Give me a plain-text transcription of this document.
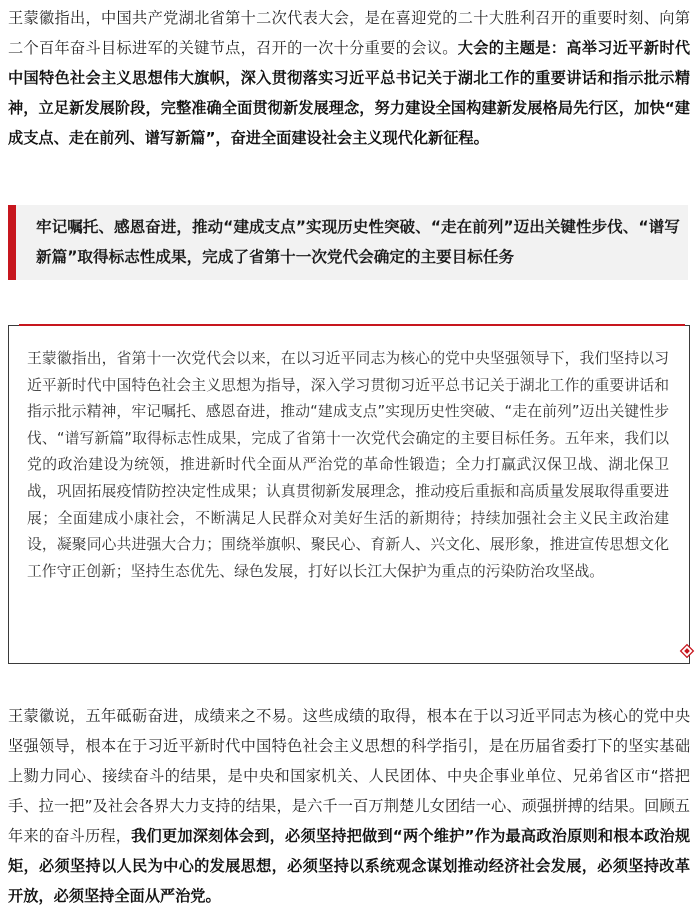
王蒙徽指出，中国共产党湖北省第十二次代表大会，是在喜迎党的二十大胜利召开的重要时刻、向第二个百年奋斗目标进军的关键节点，召开的一次十分重要的会议。大会的主题是：高举习近平新时代中国特色社会主义思想伟大旗帜，深入贯彻落实习近平总书记关于湖北工作的重要讲话和指示批示精神，立足新发展阶段，完整准确全面贯彻新发展理念，努力建设全国构建新发展格局先行区，加快“建成支点、走在前列、谱写新篇”，奋进全面建设社会主义现代化新征程。

牢记嘱托、感恩奋进，推动“建成支点”实现历史性突破、“走在前列”迈出关键性步伐、“谱写新篇”取得标志性成果，完成了省第十一次党代会确定的主要目标任务
王蒙徽指出，省第十一次党代会以来，在以习近平同志为核心的党中央坚强领导下，我们坚持以习近平新时代中国特色社会主义思想为指导，深入学习贯彻习近平总书记关于湖北工作的重要讲话和指示批示精神，牢记嘱托、感恩奋进，推动“建成支点”实现历史性突破、“走在前列”迈出关键性步伐、“谱写新篇”取得标志性成果，完成了省第十一次党代会确定的主要目标任务。五年来，我们以党的政治建设为统领，推进新时代全面从严治党的革命性锻造；全力打赢武汉保卫战、湖北保卫战，巩固拓展疫情防控决定性成果；认真贯彻新发展理念，推动疫后重振和高质量发展取得重要进展；全面建成小康社会，不断满足人民群众对美好生活的新期待；持续加强社会主义民主政治建设，凝聚同心共进强大合力；围绕举旗帜、聚民心、育新人、兴文化、展形象，推进宣传思想文化工作守正创新；坚持生态优先、绿色发展，打好以长江大保护为重点的污染防治攻坚战。

王蒙徽说，五年砥砺奋进，成绩来之不易。这些成绩的取得，根本在于以习近平同志为核心的党中央坚强领导，根本在于习近平新时代中国特色社会主义思想的科学指引，是在历届省委打下的坚实基础上勠力同心、接续奋斗的结果，是中央和国家机关、人民团体、中央企事业单位、兄弟省区市“搭把手、拉一把”及社会各界大力支持的结果，是六千一百万荆楚儿女团结一心、顽强拼搏的结果。回顾五年来的奋斗历程，我们更加深刻体会到，必须坚持把做到“两个维护”作为最高政治原则和根本政治规矩，必须坚持以人民为中心的发展思想，必须坚持以系统观念谋划推动经济社会发展，必须坚持改革开放，必须坚持全面从严治党。
